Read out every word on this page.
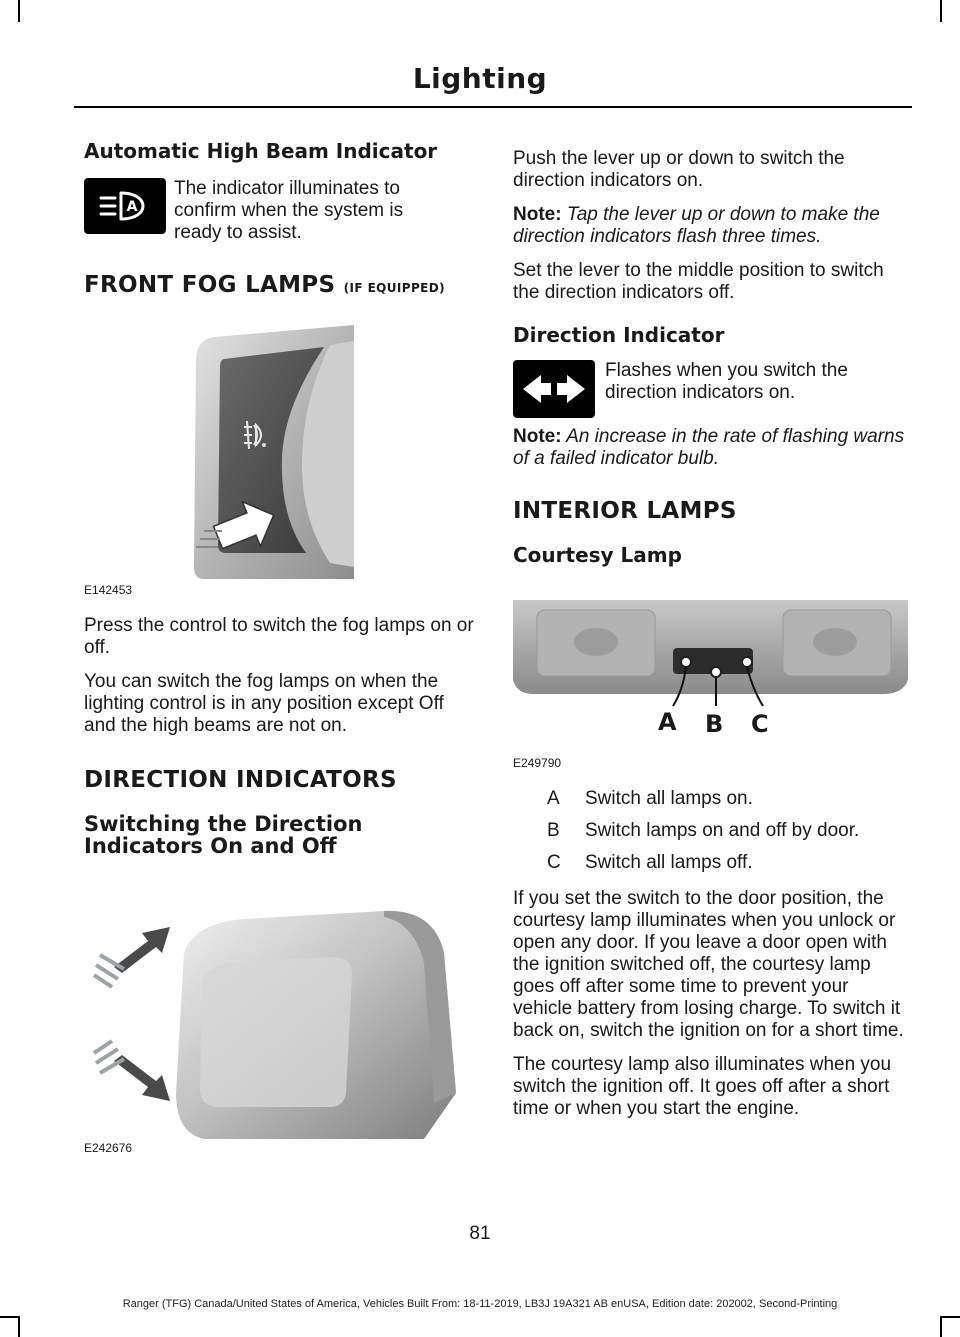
Lighting
Automatic High Beam Indicator
A

The indicator illuminates to confirm when the system is ready to assist.

FRONT FOG LAMPS (IF EQUIPPED)
E142453

Press the control to switch the fog lamps on or off.

You can switch the fog lamps on when the lighting control is in any position except Off and the high beams are not on.

DIRECTION INDICATORS
Switching the Direction Indicators On and Off
E242676

Push the lever up or down to switch the direction indicators on.

Note: Tap the lever up or down to make the direction indicators flash three times.

Set the lever to the middle position to switch the direction indicators off.

Direction Indicator

Flashes when you switch the direction indicators on.

Note: An increase in the rate of flashing warns of a failed indicator bulb.

INTERIOR LAMPS
Courtesy Lamp
A B C
E249790
A	Switch all lamps on.
B	Switch lamps on and off by door.
C	Switch all lamps off.

If you set the switch to the door position, the courtesy lamp illuminates when you unlock or open any door. If you leave a door open with the ignition switched off, the courtesy lamp goes off after some time to prevent your vehicle battery from losing charge. To switch it back on, switch the ignition on for a short time.

The courtesy lamp also illuminates when you switch the ignition off. It goes off after a short time or when you start the engine.

81
Ranger (TFG) Canada/United States of America, Vehicles Built From: 18-11-2019, LB3J 19A321 AB enUSA, Edition date: 202002, Second-Printing
